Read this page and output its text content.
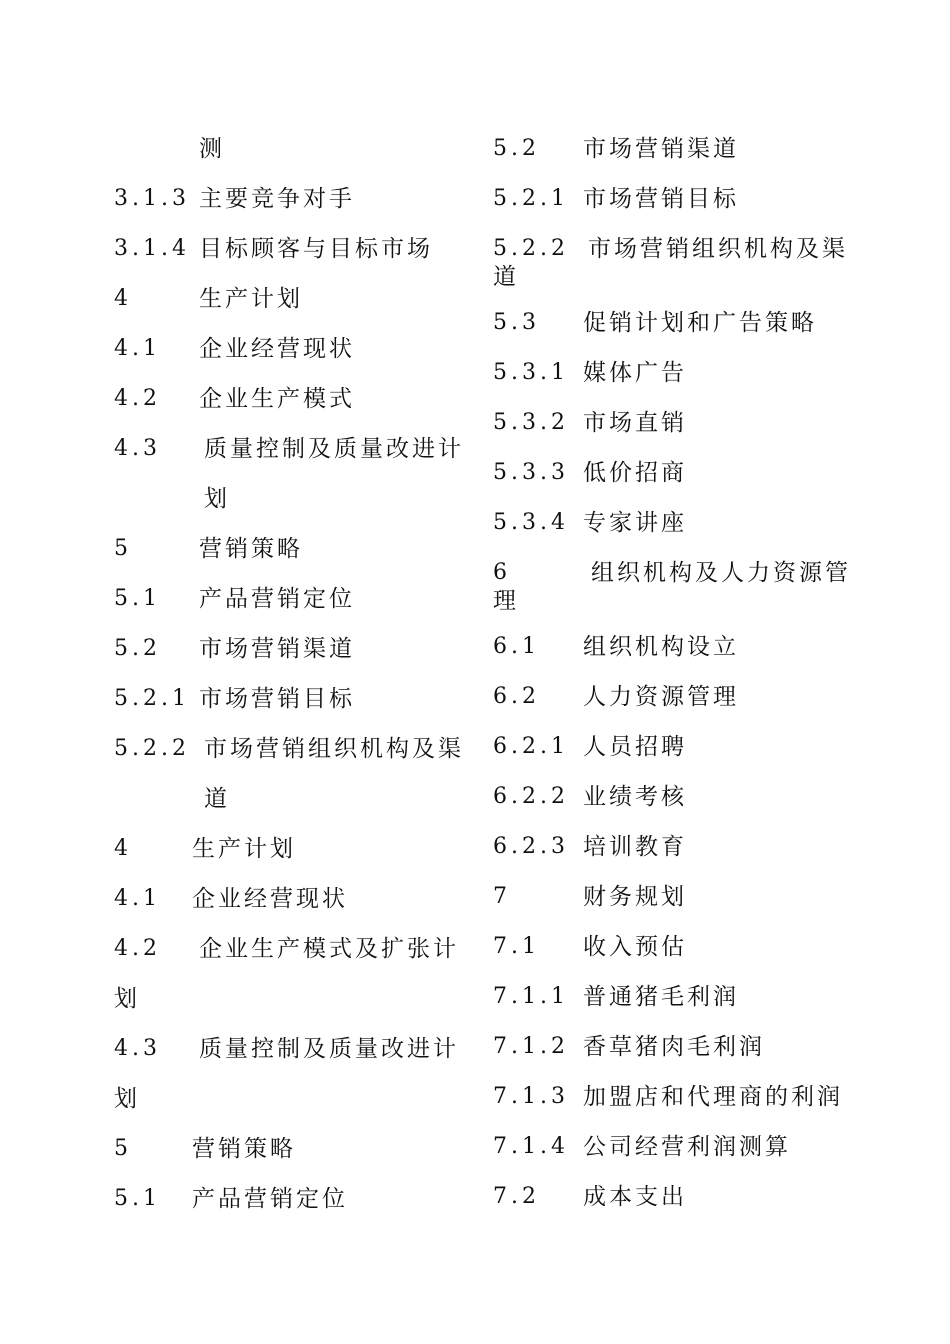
测
3.1.3 主要竞争对手
3.1.4 目标顾客与目标市场
4	生产计划
4.1 企业经营现状
4.2 企业生产模式
4.3 质量控制及质量改进计
划
5	营销策略
5.1 产品营销定位
5.2 市场营销渠道
5.2.1 市场营销目标
5.2.2 市场营销组织机构及渠
道
4	生产计划
4.1 企业经营现状
4.2 企业生产模式及扩张计
划
4.3 质量控制及质量改进计
划
5	营销策略
5.1 产品营销定位
5.2 市场营销渠道
5.2.1 市场营销目标
5.2.2 市场营销组织机构及渠
道
5.3 促销计划和广告策略
5.3.1 媒体广告
5.3.2 市场直销
5.3.3 低价招商
5.3.4 专家讲座
6	组织机构及人力资源管
理
6.1 组织机构设立
6.2 人力资源管理
6.2.1 人员招聘
6.2.2 业绩考核
6.2.3 培训教育
7	财务规划
7.1 收入预估
7.1.1 普通猪毛利润
7.1.2 香草猪肉毛利润
7.1.3 加盟店和代理商的利润
7.1.4 公司经营利润测算
7.2 成本支出
